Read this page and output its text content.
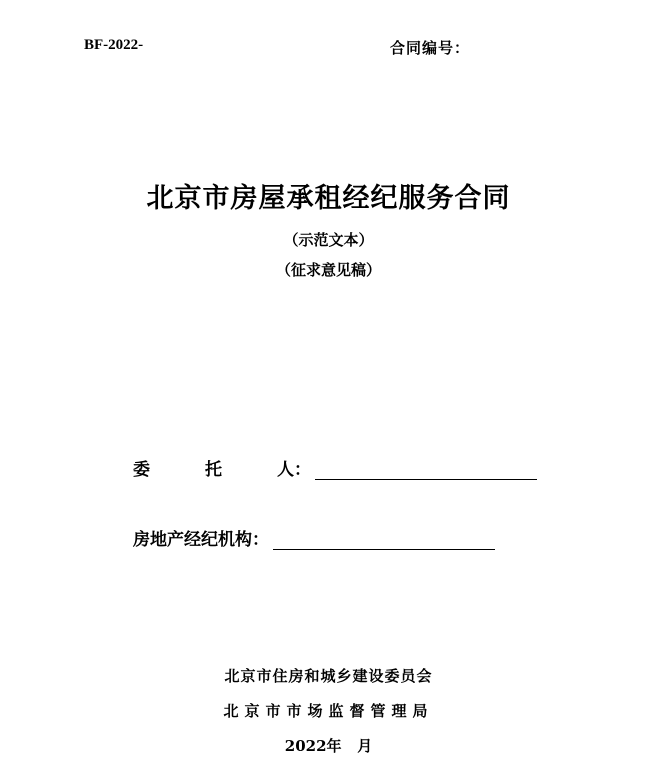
BF-2022-	合同编号：
北京市房屋承租经纪服务合同
（示范文本）
（征求意见稿）
委	托	人 ：
房地产经纪机构：
北京市住房和城乡建设委员会
北京市市场监督管理局
2022年   月
